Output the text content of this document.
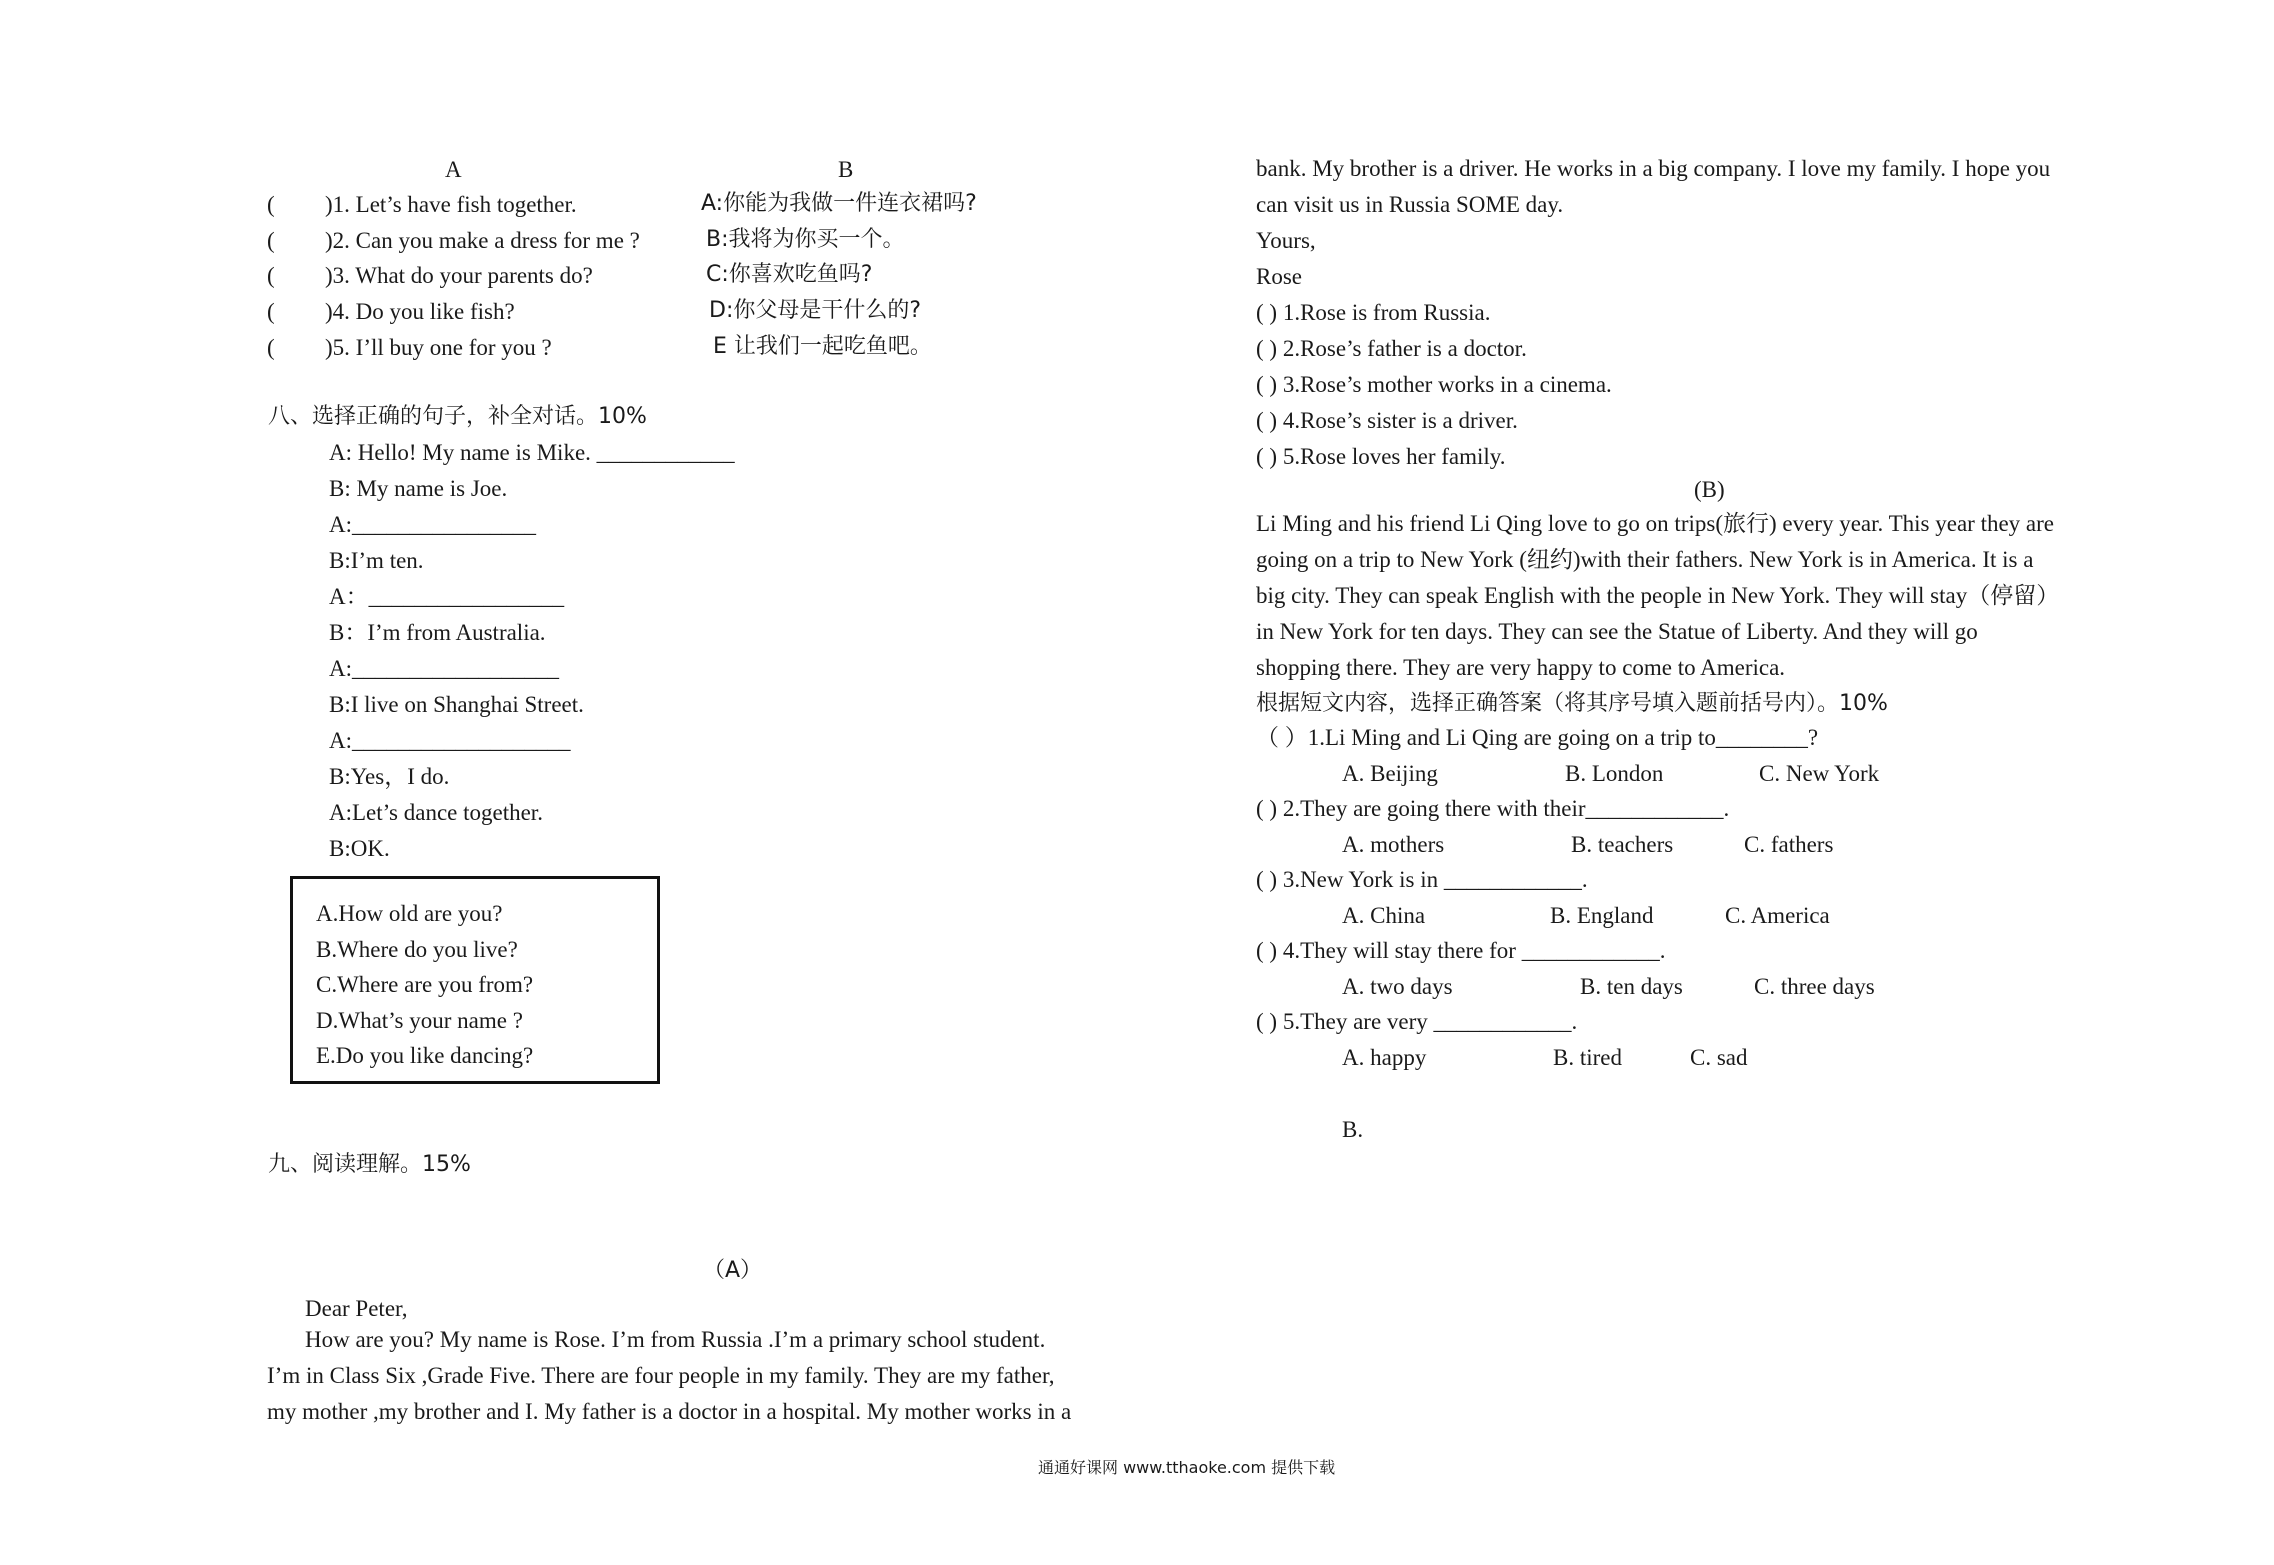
A	B
( )1. Let’s have fish together.	A:你能为我做一件连衣裙吗?
( )2. Can you make a dress for me ?	B:我将为你买一个。
( )3. What do your parents do?	C:你喜欢吃鱼吗?
( )4. Do you like fish?	D:你父母是干什么的?
( )5. I’ll buy one for you ?	E 让我们一起吃鱼吧。
八、选择正确的句子，补全对话。10%
A: Hello! My name is Mike. ____________
B: My name is Joe.
A:________________
B:I’m ten.
A：_________________
B：I’m from Australia.
A:__________________
B:I live on Shanghai Street.
A:___________________
B:Yes，I do.
A:Let’s dance together.
B:OK.
A.How old are you?
B.Where do you live?
C.Where are you from?
D.What’s your name ?
E.Do you like dancing?
九、阅读理解。15%
（A）
Dear Peter,
How are you? My name is Rose. I’m from Russia .I’m a primary school student.
I’m in Class Six ,Grade Five. There are four people in my family. They are my father,
my mother ,my brother and I. My father is a doctor in a hospital. My mother works in a
bank. My brother is a driver. He works in a big company. I love my family. I hope you
can visit us in Russia SOME day.
Yours,
Rose
( ) 1.Rose is from Russia.
( ) 2.Rose’s father is a doctor.
( ) 3.Rose’s mother works in a cinema.
( ) 4.Rose’s sister is a driver.
( ) 5.Rose loves her family.
(B)
Li Ming and his friend Li Qing love to go on trips(旅行) every year. This year they are
going on a trip to New York (纽约)with their fathers. New York is in America. It is a
big city. They can speak English with the people in New York. They will stay（停留）
in New York for ten days. They can see the Statue of Liberty. And they will go
shopping there. They are very happy to come to America.
根据短文内容，选择正确答案（将其序号填入题前括号内）。10%
（ ）1.Li Ming and Li Qing are going on a trip to________?
A. Beijing	B. London	C. New York
( ) 2.They are going there with their____________.
A. mothers	B. teachers	C. fathers
( ) 3.New York is in ____________.
A. China	B. England	C. America
( ) 4.They will stay there for ____________.
A. two days	B. ten days	C. three days
( ) 5.They are very ____________.
A. happy	B. tired	C. sad
B.
通通好课网 www.tthaoke.com 提供下载
